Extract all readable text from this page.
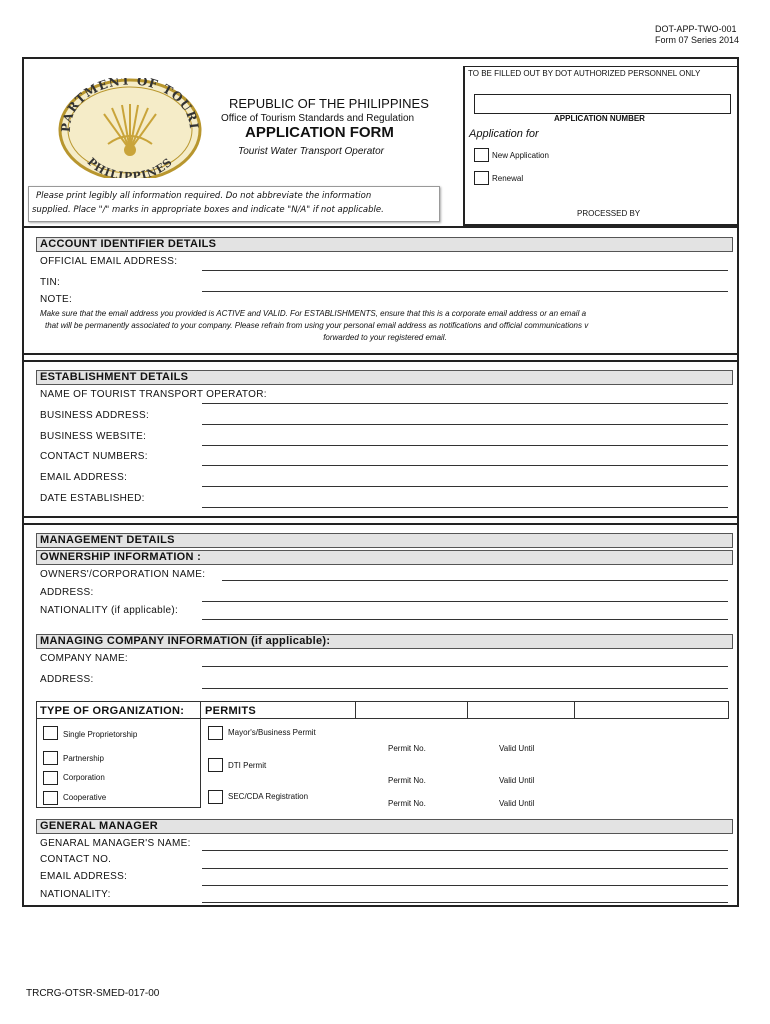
DOT-APP-TWO-001
Form 07 Series 2014
TO BE FILLED OUT BY DOT AUTHORIZED PERSONNEL ONLY
PARTMENT OF TOURI
PHILIPPINES
REPUBLIC OF THE PHILIPPINES
Office of Tourism Standards and Regulation
APPLICATION FORM
Tourist Water Transport Operator
Please print legibly all information required. Do not abbreviate the information
supplied. Place "/" marks in appropriate boxes and indicate "N/A" if not applicable.
APPLICATION NUMBER
Application for
New Application
Renewal
PROCESSED BY
ACCOUNT IDENTIFIER DETAILS
OFFICIAL EMAIL ADDRESS:
TIN:
NOTE:
Make sure that the email address you provided is ACTIVE and VALID. For ESTABLISHMENTS, ensure that this is a corporate email address or an email a
that will be permanently associated to your company. Please refrain from using your personal email address as notifications and official communications v
forwarded to your registered email.
ESTABLISHMENT DETAILS
NAME OF TOURIST TRANSPORT OPERATOR:
BUSINESS ADDRESS:
BUSINESS WEBSITE:
CONTACT NUMBERS:
EMAIL ADDRESS:
DATE ESTABLISHED:
MANAGEMENT DETAILS
OWNERSHIP INFORMATION :
OWNERS'/CORPORATION NAME:
ADDRESS:
NATIONALITY (if applicable):
MANAGING COMPANY INFORMATION (if applicable):
COMPANY NAME:
ADDRESS:
TYPE OF ORGANIZATION: PERMITS
Single Proprietorship
Partnership
Corporation
Cooperative
Mayor's/Business Permit
Permit No.	Valid Until
DTI Permit
Permit No.	Valid Until
SEC/CDA Registration
Permit No.	Valid Until
GENERAL MANAGER
GENARAL MANAGER'S NAME:
CONTACT NO.
EMAIL ADDRESS:
NATIONALITY:
TRCRG-OTSR-SMED-017-00
